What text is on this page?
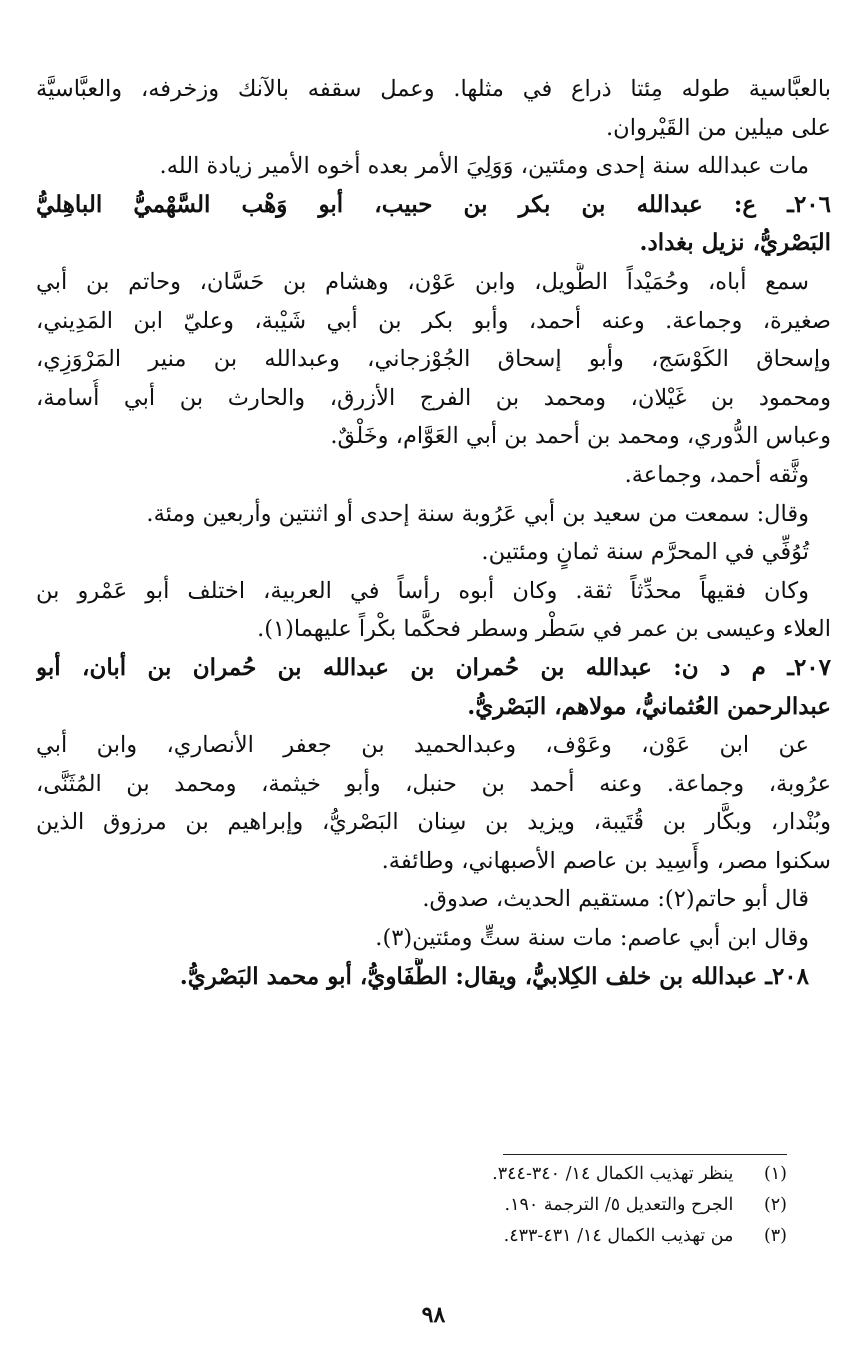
بالعبَّاسية طوله مِئتا ذراع في مثلها. وعمل سقفه بالآنك وزخرفه، والعبَّاسيَّة
على ميلين من القَيْروان.
مات عبدالله سنة إحدى ومئتين، وَوَلِيَ الأمر بعده أخوه الأمير زيادة الله.
٢٠٦ـ ع: عبدالله بن بكر بن حبيب، أبو وَهْب السَّهْميُّ الباهِليُّ
البَصْريُّ، نزيل بغداد.
سمع أباه، وحُمَيْداً الطَّويل، وابن عَوْن، وهشام بن حَسَّان، وحاتم بن أبي
صغيرة، وجماعة. وعنه أحمد، وأبو بكر بن أبي شَيْبة، وعليّ ابن المَدِيني،
وإسحاق الكَوْسَج، وأبو إسحاق الجُوْزجاني، وعبدالله بن منير المَرْوَزِي،
ومحمود بن غَيْلان، ومحمد بن الفرج الأزرق، والحارث بن أبي أُسامة،
وعباس الدُّوري، ومحمد بن أحمد بن أبي العَوَّام، وخَلْقٌ.
وثَّقه أحمد، وجماعة.
وقال: سمعت من سعيد بن أبي عَرُوبة سنة إحدى أو اثنتين وأربعين ومئة.
تُوُفِّي في المحرَّم سنة ثمانٍ ومئتين.
وكان فقيهاً محدِّثاً ثقة. وكان أبوه رأساً في العربية، اختلف أبو عَمْرو بن
العلاء وعيسى بن عمر في سَطْر وسطر فحكَّما بكْراً عليهما(١).
٢٠٧ـ م د ن: عبدالله بن حُمران بن عبدالله بن حُمران بن أبان، أبو
عبدالرحمن العُثمانيُّ، مولاهم، البَصْريُّ.
عن ابن عَوْن، وعَوْف، وعبدالحميد بن جعفر الأنصاري، وابن أبي
عرُوبة، وجماعة. وعنه أحمد بن حنبل، وأبو خيثمة، ومحمد بن المُثَنَّى،
وبُنْدار، وبكَّار بن قُتَيبة، ويزيد بن سِنان البَصْريُّ، وإبراهيم بن مرزوق الذين
سكنوا مصر، وأَسِيد بن عاصم الأصبهاني، وطائفة.
قال أبو حاتم(٢): مستقيم الحديث، صدوق.
وقال ابن أبي عاصم: مات سنة ستٍّ ومئتين(٣).
٢٠٨ـ عبدالله بن خلف الكِلابيُّ، ويقال: الطُّفَاويُّ، أبو محمد البَصْريُّ.
(١) ينظر تهذيب الكمال ١٤/ ٣٤٠-٣٤٤.
(٢) الجرح والتعديل ٥/ الترجمة ١٩٠.
(٣) من تهذيب الكمال ١٤/ ٤٣١-٤٣٣.
٩٨
